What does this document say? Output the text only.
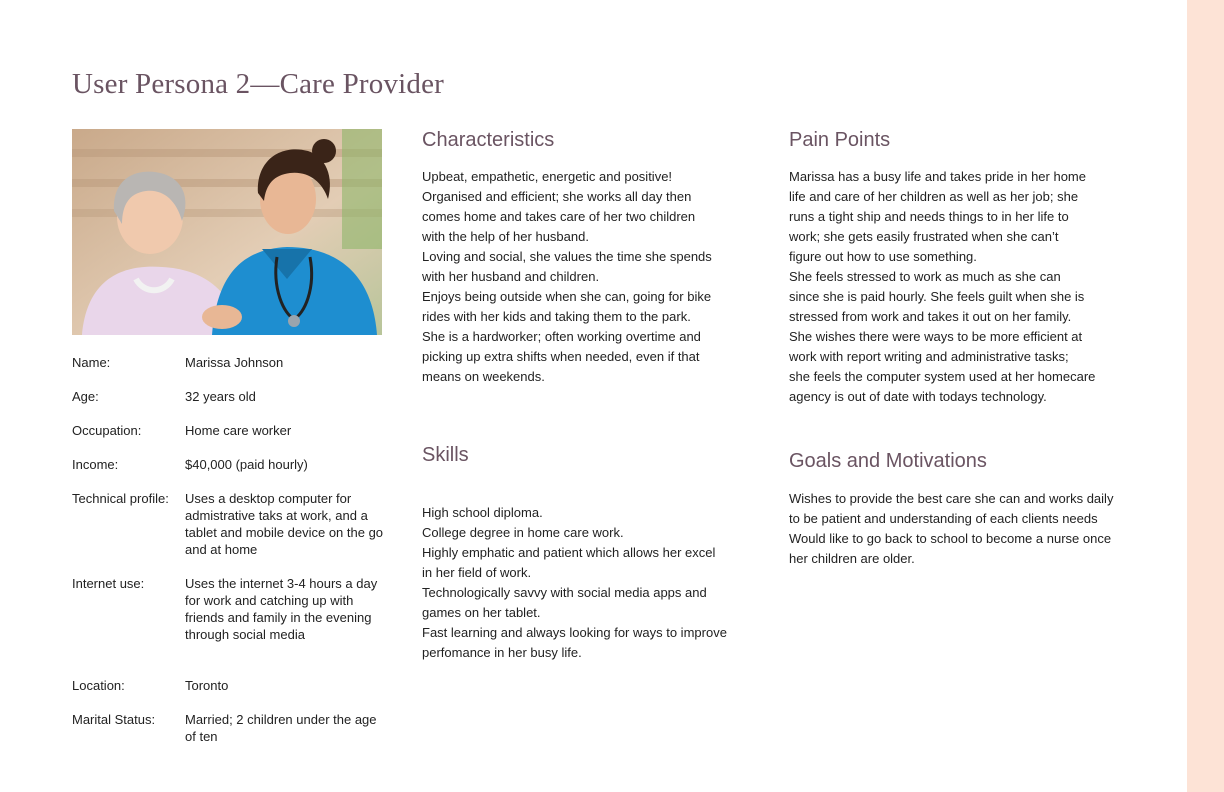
User Persona 2—Care Provider
Name:	Marissa Johnson
Age:	32 years old
Occupation:	Home care worker
Income:	$40,000 (paid hourly)
Technical profile:	Uses a desktop computer for admistrative taks at work, and a tablet and mobile device on the go and at home
Internet use:	Uses the internet 3-4 hours a day for work and catching up with friends and family in the evening through social media
Location:	Toronto
Marital Status:	Married; 2 children under the age of ten
Characteristics
Upbeat, empathetic, energetic and positive!
Organised and efficient; she works all day then
comes home and takes care of her two children
with the help of her husband.
Loving and social, she values the time she spends
with her husband and children.
Enjoys being outside when she can, going for bike
rides with her kids and taking them to the park.
She is a hardworker; often working overtime and
picking up extra shifts when needed, even if that
means on weekends.
Skills
High school diploma.
College degree in home care work.
Highly emphatic and patient which allows her excel
in her field of work.
Technologically savvy with social media apps and
games on her tablet.
Fast learning and always looking for ways to improve
perfomance in her busy life.
Pain Points
Marissa has a busy life and takes pride in her home
life and care of her children as well as her job; she
runs a tight ship and needs things to in her life to
work; she gets easily frustrated when she can’t
figure out how to use something.
She feels stressed to work as much as she can
since she is paid hourly. She feels guilt when she is
stressed from work and takes it out on her family.
She wishes there were ways to be more efficient at
work with report writing and administrative tasks;
she feels the computer system used at her homecare
agency is out of date with todays technology.
Goals and Motivations
Wishes to provide the best care she can and works daily
to be patient and understanding of each clients needs
Would like to go back to school to become a nurse once
her children are older.
